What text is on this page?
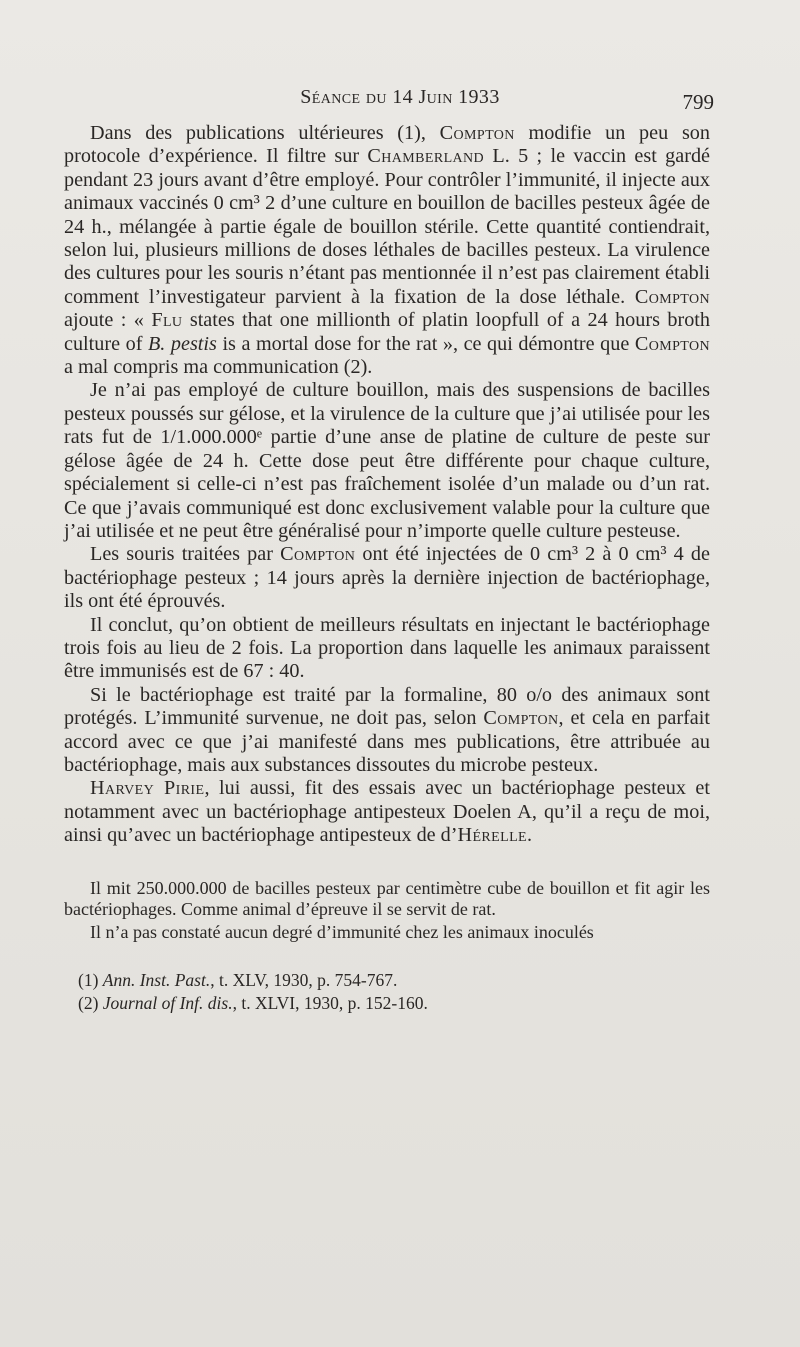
Séance du 14 Juin 1933	799

Dans des publications ultérieures (1), Compton modifie un peu son protocole d’expérience. Il filtre sur Chamberland L. 5 ; le vaccin est gardé pendant 23 jours avant d’être employé. Pour contrôler l’immunité, il injecte aux animaux vaccinés 0 cm³ 2 d’une culture en bouillon de bacilles pesteux âgée de 24 h., mélangée à partie égale de bouillon stérile. Cette quantité contiendrait, selon lui, plusieurs millions de doses léthales de bacilles pesteux. La virulence des cultures pour les souris n’étant pas mentionnée il n’est pas clairement établi comment l’investigateur parvient à la fixation de la dose léthale. Compton ajoute : « Flu states that one millionth of platin loopfull of a 24 hours broth culture of B. pestis is a mortal dose for the rat », ce qui démontre que Compton a mal compris ma communication (2).

Je n’ai pas employé de culture bouillon, mais des suspensions de bacilles pesteux poussés sur gélose, et la virulence de la culture que j’ai utilisée pour les rats fut de 1/1.000.000ᵉ partie d’une anse de platine de culture de peste sur gélose âgée de 24 h. Cette dose peut être différente pour chaque culture, spécialement si celle-ci n’est pas fraîchement isolée d’un malade ou d’un rat. Ce que j’avais communiqué est donc exclusivement valable pour la culture que j’ai utilisée et ne peut être généralisé pour n’importe quelle culture pesteuse.

Les souris traitées par Compton ont été injectées de 0 cm³ 2 à 0 cm³ 4 de bactériophage pesteux ; 14 jours après la dernière injection de bactériophage, ils ont été éprouvés.

Il conclut, qu’on obtient de meilleurs résultats en injectant le bactériophage trois fois au lieu de 2 fois. La proportion dans laquelle les animaux paraissent être immunisés est de 67 : 40.

Si le bactériophage est traité par la formaline, 80 o/o des animaux sont protégés. L’immunité survenue, ne doit pas, selon Compton, et cela en parfait accord avec ce que j’ai manifesté dans mes publications, être attribuée au bactériophage, mais aux substances dissoutes du microbe pesteux.

Harvey Pirie, lui aussi, fit des essais avec un bactériophage pesteux et notamment avec un bactériophage antipesteux Doelen A, qu’il a reçu de moi, ainsi qu’avec un bactériophage antipesteux de d’Hérelle.

Il mit 250.000.000 de bacilles pesteux par centimètre cube de bouillon et fit agir les bactériophages. Comme animal d’épreuve il se servit de rat.

Il n’a pas constaté aucun degré d’immunité chez les animaux inoculés

(1) Ann. Inst. Past., t. XLV, 1930, p. 754-767.

(2) Journal of Inf. dis., t. XLVI, 1930, p. 152-160.
